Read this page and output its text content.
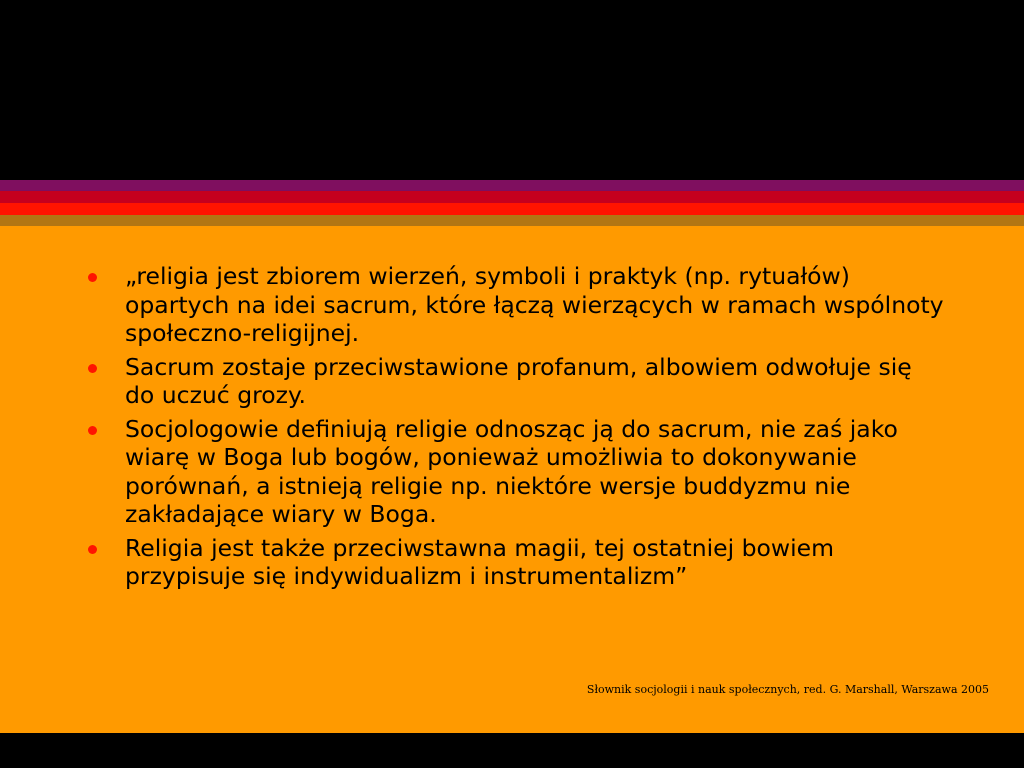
„religia jest zbiorem wierzeń, symboli i praktyk (np. rytuałów) opartych na idei sacrum, które łączą wierzących w ramach wspólnoty społeczno-religijnej.
Sacrum zostaje przeciwstawione profanum, albowiem odwołuje się do uczuć grozy.
Socjologowie definiują religie odnosząc ją do sacrum, nie zaś jako wiarę w Boga lub bogów, ponieważ umożliwia to dokonywanie porównań, a istnieją religie np. niektóre wersje buddyzmu nie zakładające wiary w Boga.
Religia jest także przeciwstawna magii, tej ostatniej bowiem przypisuje się indywidualizm i instrumentalizm”
Słownik socjologii i nauk społecznych, red. G. Marshall, Warszawa 2005
